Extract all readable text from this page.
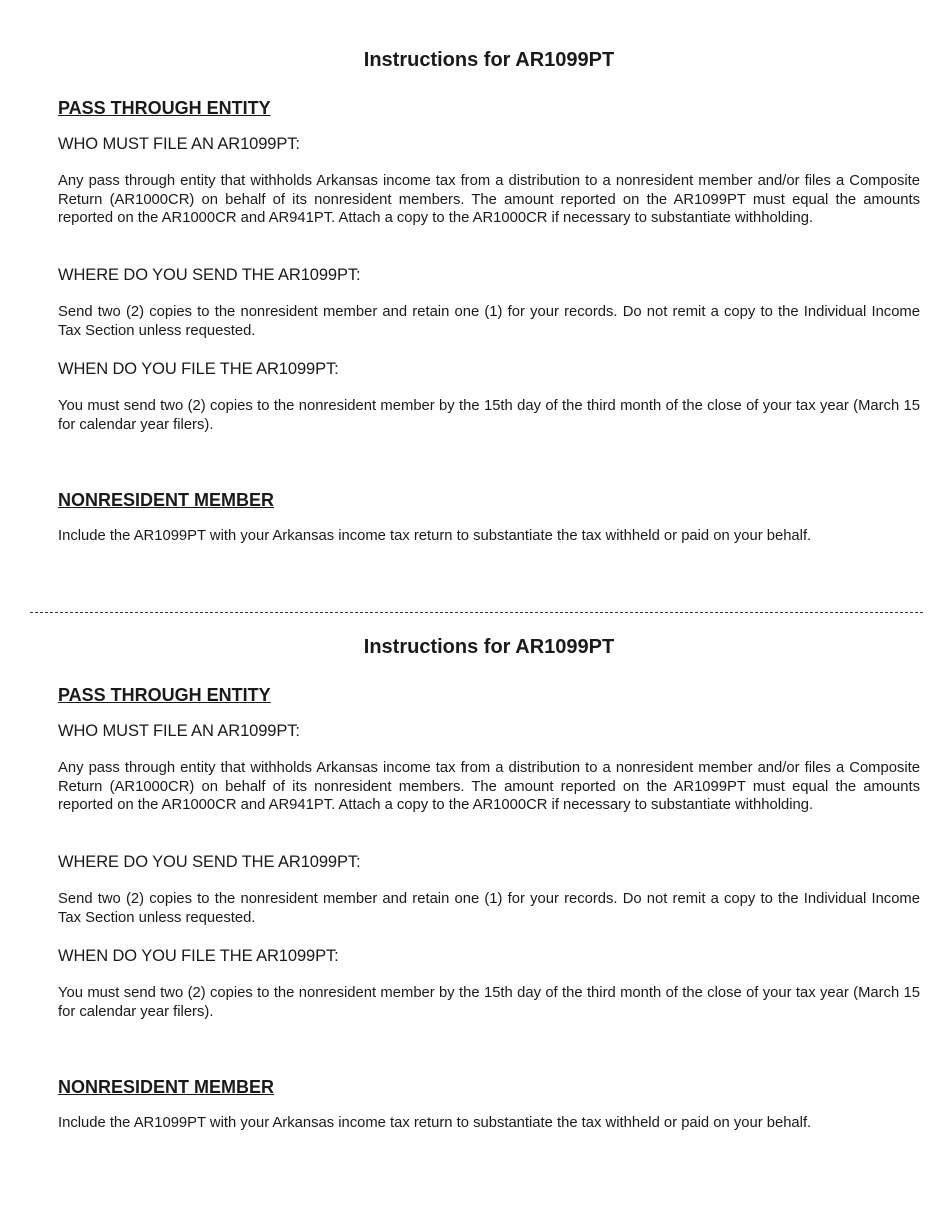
Instructions for AR1099PT
PASS THROUGH ENTITY

WHO MUST FILE AN AR1099PT:

Any pass through entity that withholds Arkansas income tax from a distribution to a nonresident member and/or files a Composite Return (AR1000CR) on behalf of its nonresident members. The amount reported on the AR1099PT must equal the amounts reported on the AR1000CR and AR941PT. Attach a copy to the AR1000CR if necessary to substantiate withholding.

WHERE DO YOU SEND THE AR1099PT:

Send two (2) copies to the nonresident member and retain one (1) for your records. Do not remit a copy to the Individual Income Tax Section unless requested.

WHEN DO YOU FILE THE AR1099PT:

You must send two (2) copies to the nonresident member by the 15th day of the third month of the close of your tax year (March 15 for calendar year filers).

NONRESIDENT MEMBER

Include the AR1099PT with your Arkansas income tax return to substantiate the tax withheld or paid on your behalf.

Instructions for AR1099PT
PASS THROUGH ENTITY

WHO MUST FILE AN AR1099PT:

Any pass through entity that withholds Arkansas income tax from a distribution to a nonresident member and/or files a Composite Return (AR1000CR) on behalf of its nonresident members. The amount reported on the AR1099PT must equal the amounts reported on the AR1000CR and AR941PT. Attach a copy to the AR1000CR if necessary to substantiate withholding.

WHERE DO YOU SEND THE AR1099PT:

Send two (2) copies to the nonresident member and retain one (1) for your records. Do not remit a copy to the Individual Income Tax Section unless requested.

WHEN DO YOU FILE THE AR1099PT:

You must send two (2) copies to the nonresident member by the 15th day of the third month of the close of your tax year (March 15 for calendar year filers).

NONRESIDENT MEMBER

Include the AR1099PT with your Arkansas income tax return to substantiate the tax withheld or paid on your behalf.
